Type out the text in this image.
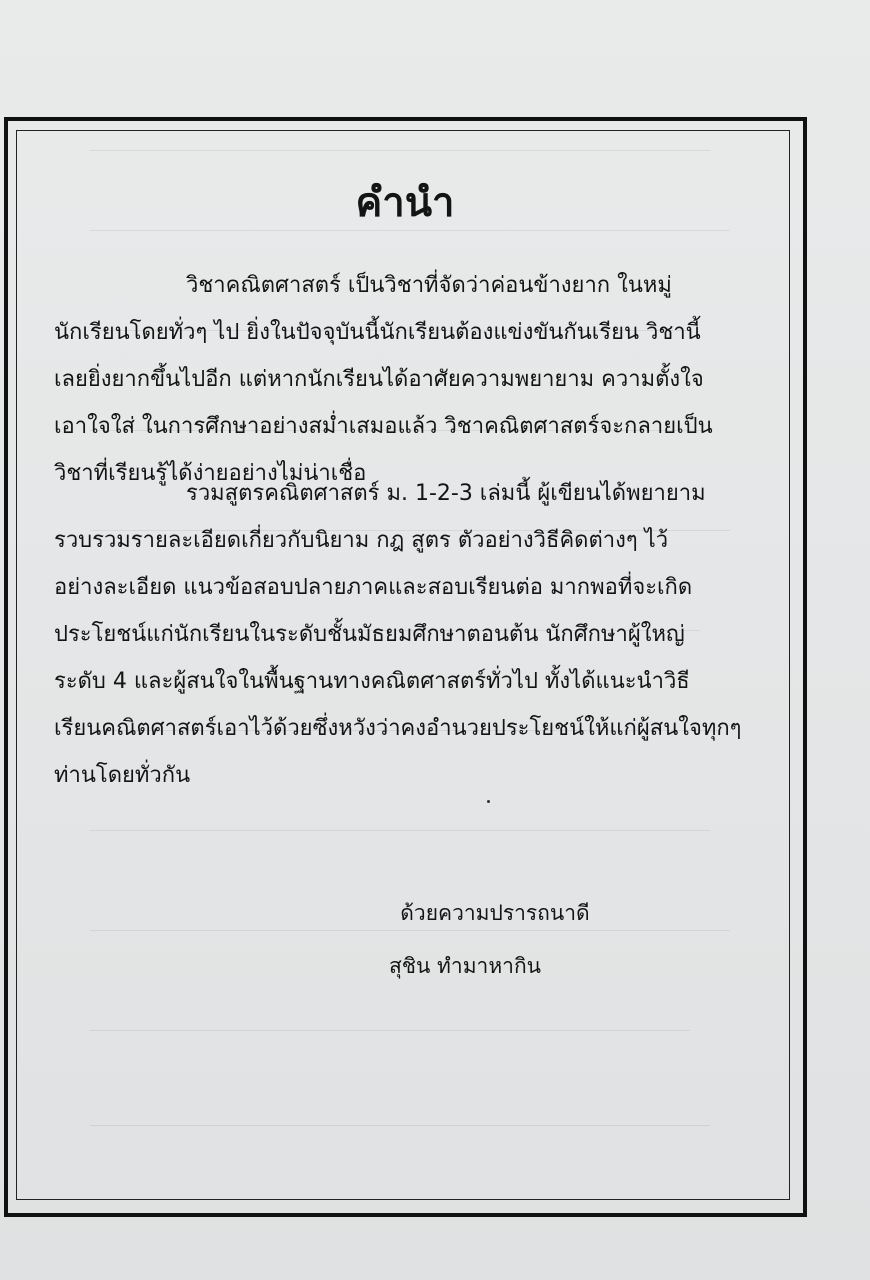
คำนำ
วิชาคณิตศาสตร์ เป็นวิชาที่จัดว่าค่อนข้างยาก ในหมู่
นักเรียนโดยทั่วๆ ไป ยิ่งในปัจจุบันนี้นักเรียนต้องแข่งขันกันเรียน วิชานี้
เลยยิ่งยากขึ้นไปอีก แต่หากนักเรียนได้อาศัยความพยายาม ความตั้งใจ
เอาใจใส่ ในการศึกษาอย่างสม่ำเสมอแล้ว วิชาคณิตศาสตร์จะกลายเป็น
วิชาที่เรียนรู้ได้ง่ายอย่างไม่น่าเชื่อ
รวมสูตรคณิตศาสตร์ ม. 1-2-3 เล่มนี้ ผู้เขียนได้พยายาม
รวบรวมรายละเอียดเกี่ยวกับนิยาม กฎ สูตร ตัวอย่างวิธีคิดต่างๆ ไว้
อย่างละเอียด แนวข้อสอบปลายภาคและสอบเรียนต่อ มากพอที่จะเกิด
ประโยชน์แก่นักเรียนในระดับชั้นมัธยมศึกษาตอนต้น นักศึกษาผู้ใหญ่
ระดับ 4 และผู้สนใจในพื้นฐานทางคณิตศาสตร์ทั่วไป ทั้งได้แนะนำวิธี
เรียนคณิตศาสตร์เอาไว้ด้วยซึ่งหวังว่าคงอำนวยประโยชน์ให้แก่ผู้สนใจทุกๆ
ท่านโดยทั่วกัน
ด้วยความปรารถนาดี
สุชิน ทำมาหากิน
